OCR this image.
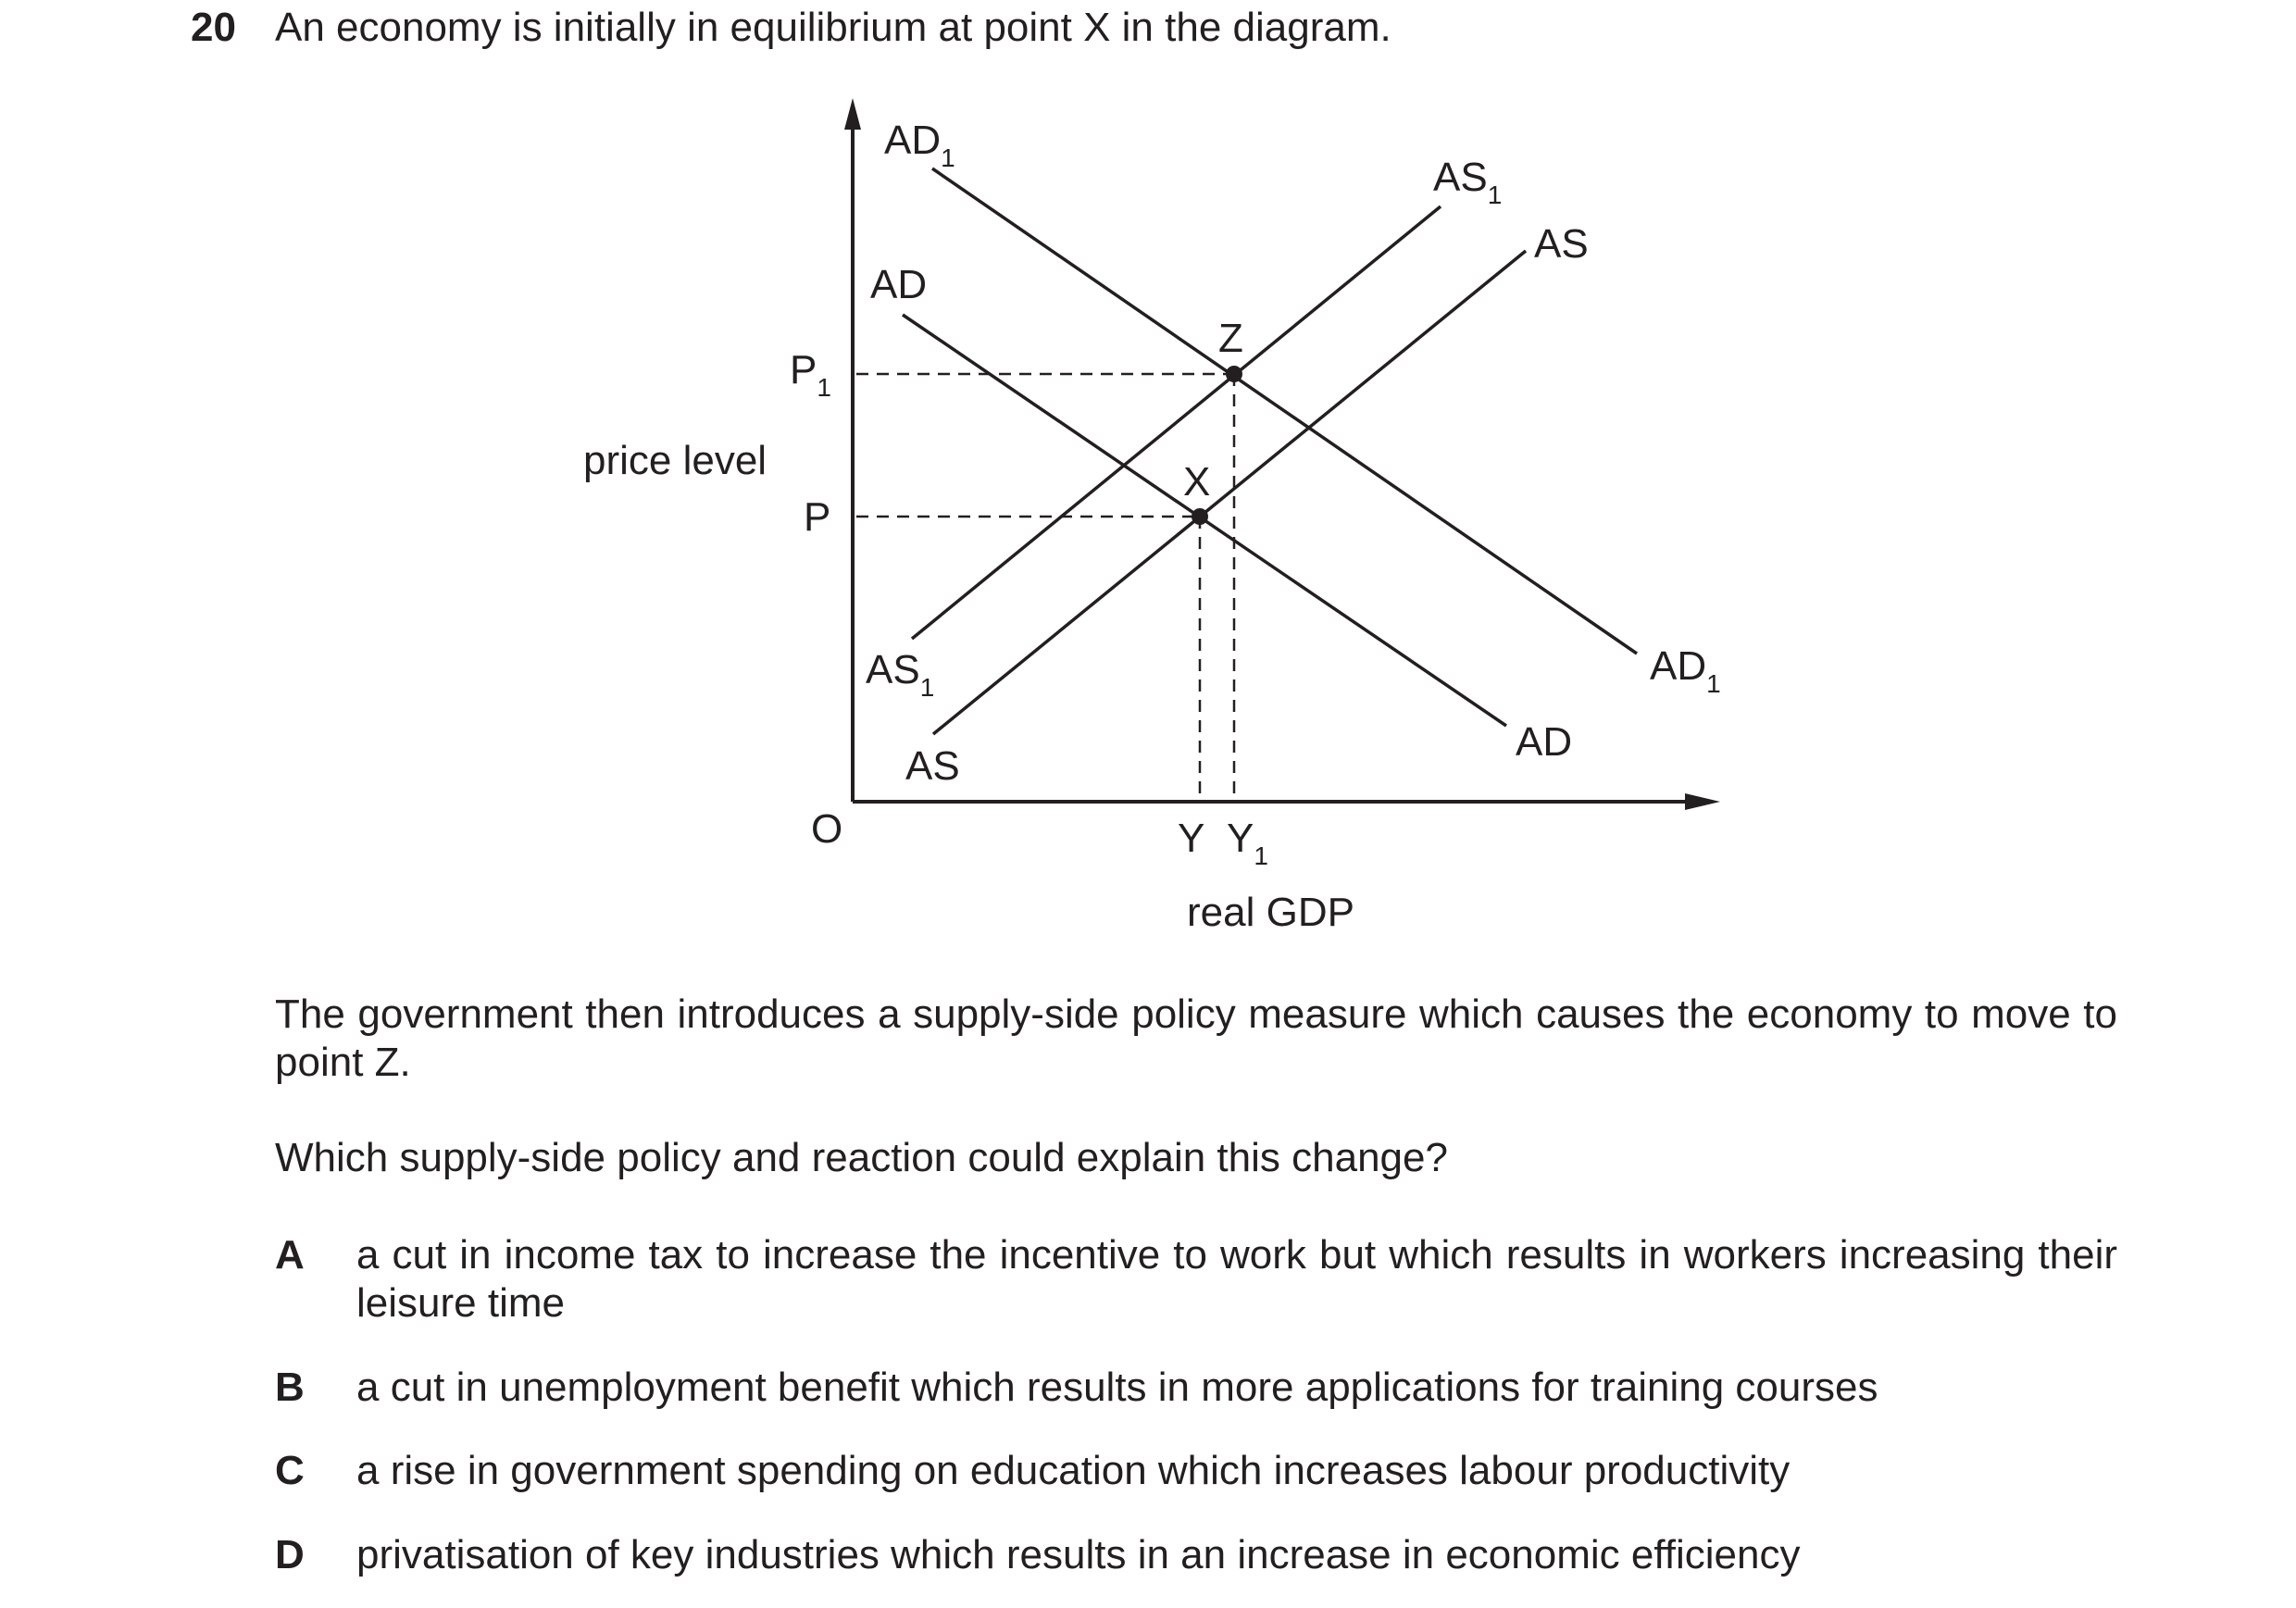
20 An economy is initially in equilibrium at point X in the diagram.
price level
real GDP
O
P
$P_1$
Y $Y_1$
X
Z
$AD_1$
AD
$AS_1$
AS
$AS_1$
AS
AD
$AD_1$
The government then introduces a supply-side policy measure which causes the economy to move to point Z.
Which supply-side policy and reaction could explain this change?
A a cut in income tax to increase the incentive to work but which results in workers increasing their leisure time
B a cut in unemployment benefit which results in more applications for training courses
C a rise in government spending on education which increases labour productivity
D privatisation of key industries which results in an increase in economic efficiency
